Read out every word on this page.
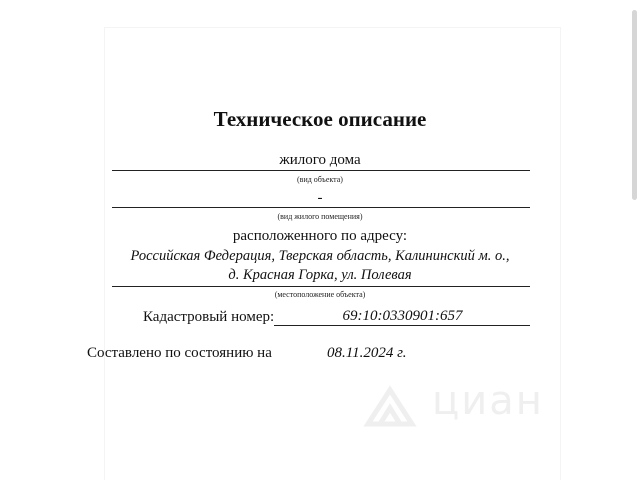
Техническое описание
жилого дома
(вид объекта)
-
(вид жилого помещения)
расположенного по адресу:
Российская Федерация, Тверская область, Калининский м. о.,
д. Красная Горка, ул. Полевая
(местоположение объекта)
Кадастровый номер:	69:10:0330901:657
Составлено по состоянию на	08.11.2024 г.
циан
